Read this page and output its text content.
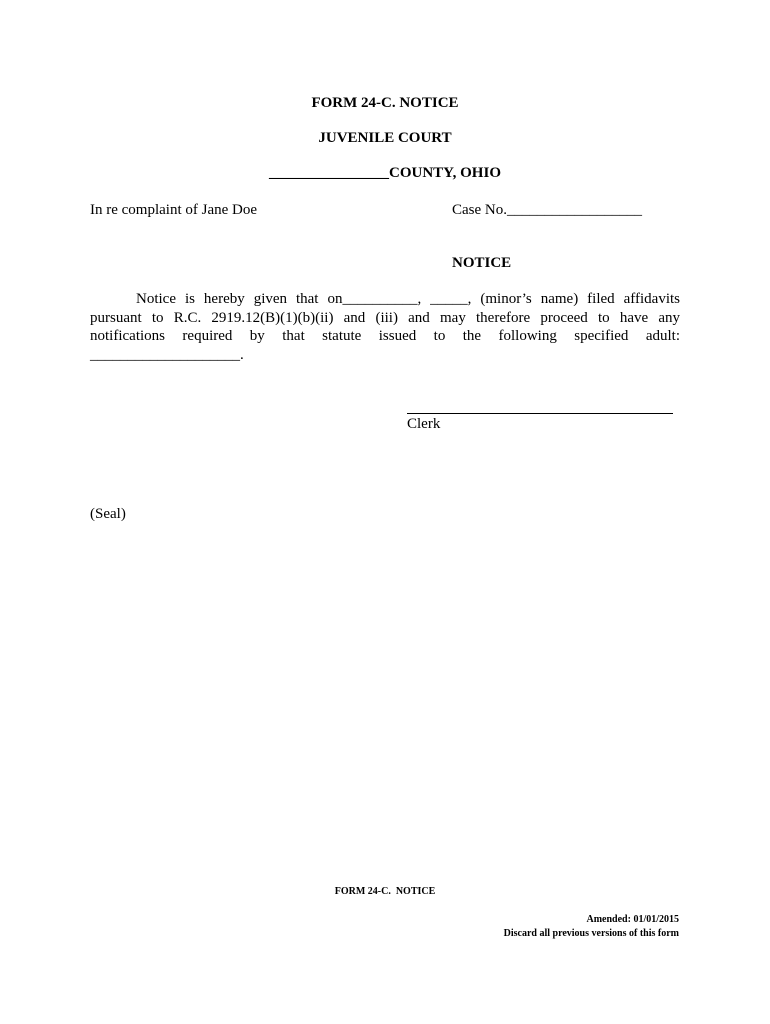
FORM 24-C. NOTICE
JUVENILE COURT
________________COUNTY, OHIO
In re complaint of Jane Doe	Case No.__________________
NOTICE
Notice is hereby given that on__________, _____, (minor’s name) filed affidavits pursuant to R.C. 2919.12(B)(1)(b)(ii) and (iii) and may therefore proceed to have any notifications required by that statute issued to the following specified adult: ____________________.
Clerk
(Seal)
FORM 24-C.  NOTICE
Amended: 01/01/2015
Discard all previous versions of this form
